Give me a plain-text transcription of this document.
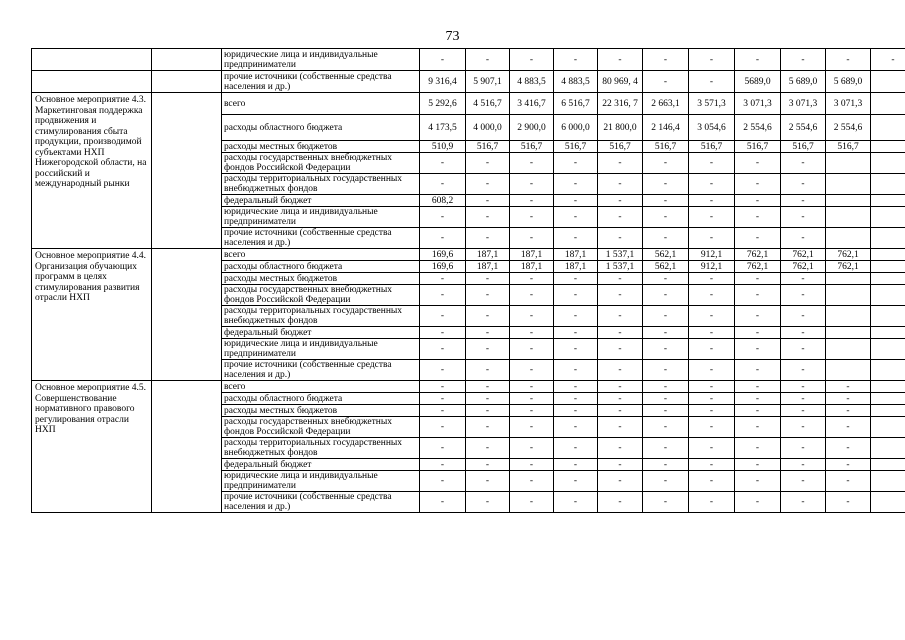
73
		юридические лица и индивидуальные предприниматели	-	-	-	-	-	-	-	-	-	-	-
		прочие источники (собственные средства населения и др.)	9 316,4	5 907,1	4 883,5	4 883,5	80 969, 4	-	-	5689,0	5 689,0	5 689,0	
Основное мероприятие 4.3. Маркетинговая поддержка продвижения и стимулирования сбыта продукции, производимой субъектами НХП Нижегородской области, на российский и международный рынки		всего	5 292,6	4 516,7	3 416,7	6 516,7	22 316, 7	2 663,1	3 571,3	3 071,3	3 071,3	3 071,3	
		расходы областного бюджета	4 173,5	4 000,0	2 900,0	6 000,0	21 800,0	2 146,4	3 054,6	2 554,6	2 554,6	2 554,6	
		расходы местных бюджетов	510,9	516,7	516,7	516,7	516,7	516,7	516,7	516,7	516,7	516,7	
		расходы государственных внебюджетных фондов Российской Федерации	-	-	-	-	-	-	-	-	-		
		расходы территориальных государственных внебюджетных фондов	-	-	-	-	-	-	-	-	-		
		федеральный бюджет	608,2	-	-	-	-	-	-	-	-		
		юридические лица и индивидуальные предприниматели	-	-	-	-	-	-	-	-	-		
		прочие источники (собственные средства населения и др.)	-	-	-	-	-	-	-	-	-		
Основное мероприятие 4.4. Организация обучающих программ в целях стимулирования развития отрасли НХП		всего	169,6	187,1	187,1	187,1	1 537,1	562,1	912,1	762,1	762,1	762,1	
		расходы областного бюджета	169,6	187,1	187,1	187,1	1 537,1	562,1	912,1	762,1	762,1	762,1	
		расходы местных бюджетов	-	-	-	-	-	-	-	-	-		
		расходы государственных внебюджетных фондов Российской Федерации	-	-	-	-	-	-	-	-	-		
		расходы территориальных государственных внебюджетных фондов	-	-	-	-	-	-	-	-	-		
		федеральный бюджет	-	-	-	-	-	-	-	-	-		
		юридические лица и индивидуальные предприниматели	-	-	-	-	-	-	-	-	-		
		прочие источники (собственные средства населения и др.)	-	-	-	-	-	-	-	-	-		
Основное мероприятие 4.5. Совершенствование нормативного правового регулирования отрасли НХП		всего	-	-	-	-	-	-	-	-	-	-	
		расходы областного бюджета	-	-	-	-	-	-	-	-	-	-	
		расходы местных бюджетов	-	-	-	-	-	-	-	-	-	-	
		расходы государственных внебюджетных фондов Российской Федерации	-	-	-	-	-	-	-	-	-	-	
		расходы территориальных государственных внебюджетных фондов	-	-	-	-	-	-	-	-	-	-	
		федеральный бюджет	-	-	-	-	-	-	-	-	-	-	
		юридические лица и индивидуальные предприниматели	-	-	-	-	-	-	-	-	-	-	
		прочие источники (собственные средства населения и др.)	-	-	-	-	-	-	-	-	-	-	
